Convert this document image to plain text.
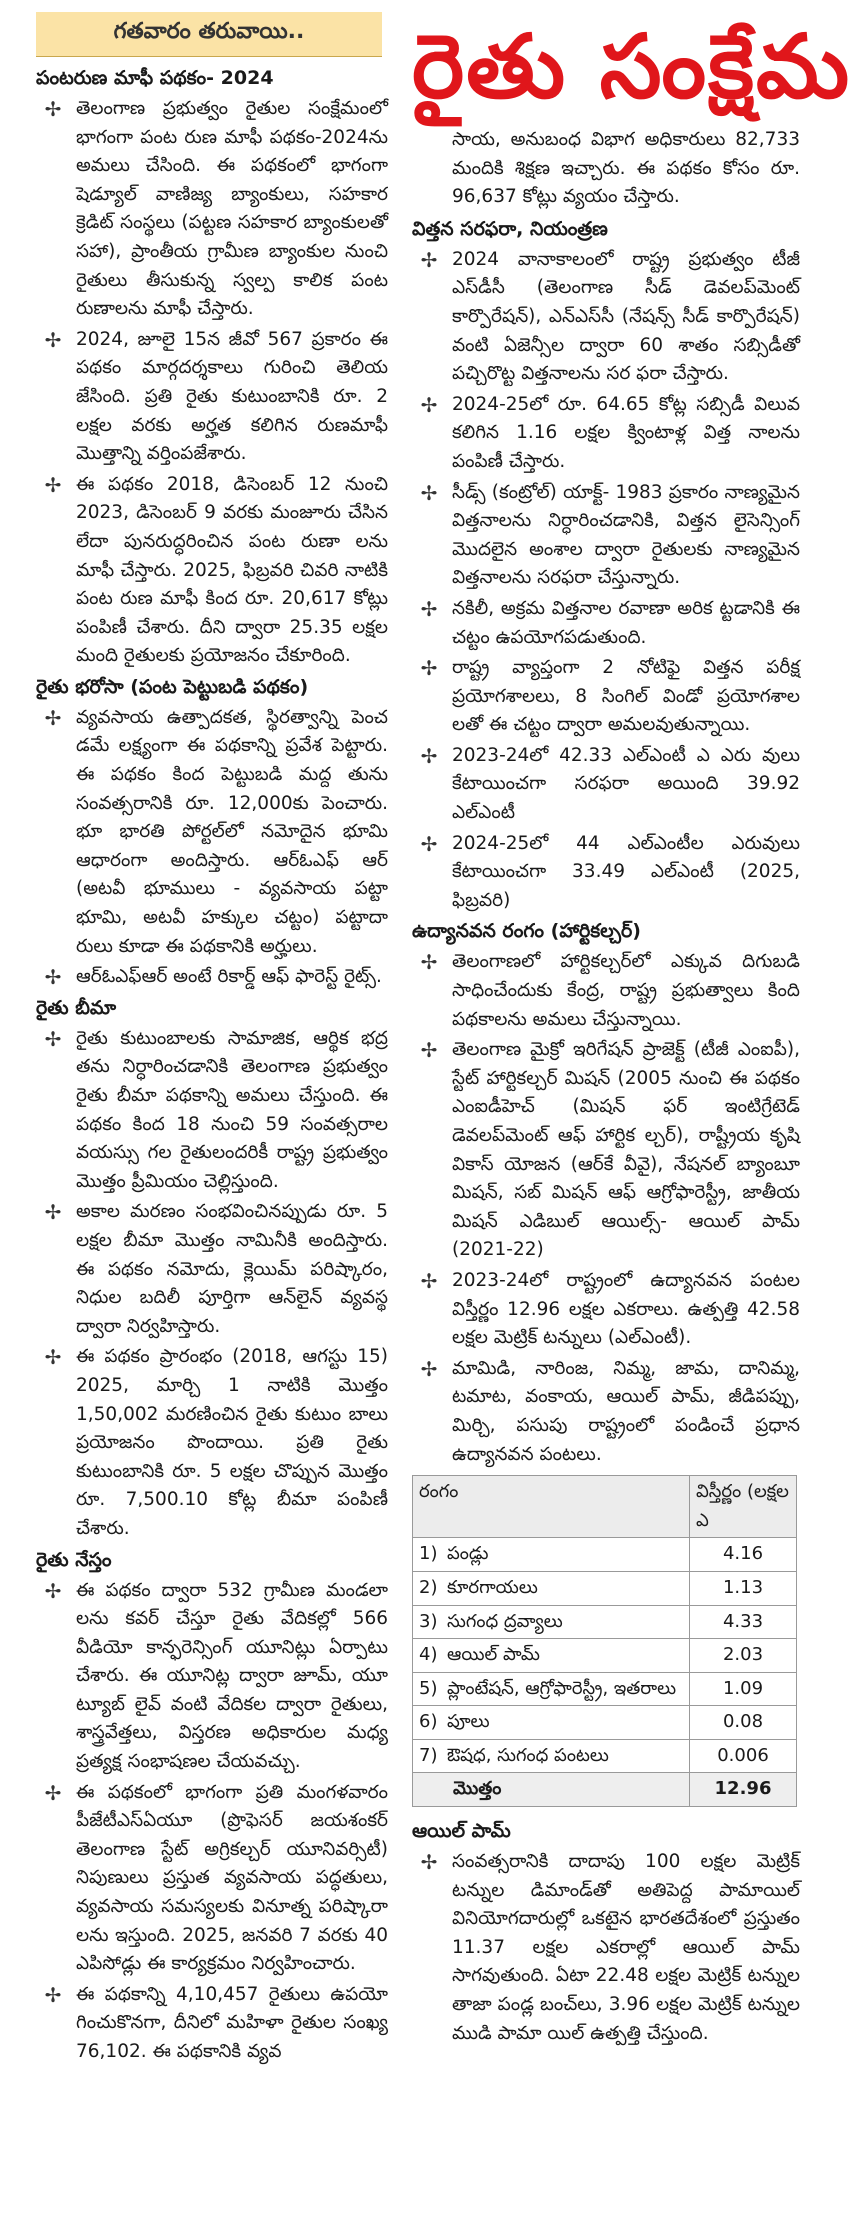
గతవారం తరువాయి..	రైతు సంక్షేమ
పంటరుణ మాఫీ పథకం- 2024
✢ తెలంగాణ ప్రభుత్వం రైతుల సంక్షేమంలో భాగంగా పంట రుణ మాఫీ పథకం-2024ను అమలు చేసింది. ఈ పథకంలో భాగంగా షెడ్యూల్ వాణిజ్య బ్యాంకులు, సహకార క్రెడిట్ సంస్థలు (పట్టణ సహకార బ్యాంకులతో సహా), ప్రాంతీయ గ్రామీణ బ్యాంకుల నుంచి రైతులు తీసుకున్న స్వల్ప కాలిక పంట రుణాలను మాఫీ చేస్తారు.
✢ 2024, జూలై 15న జీవో 567 ప్రకారం ఈ పథకం మార్గదర్శకాలు గురించి తెలియ జేసింది. ప్రతి రైతు కుటుంబానికి రూ. 2 లక్షల వరకు అర్హత కలిగిన రుణమాఫీ మొత్తాన్ని వర్తింపజేశారు.
✢ ఈ పథకం 2018, డిసెంబర్ 12 నుంచి 2023, డిసెంబర్ 9 వరకు మంజూరు చేసిన లేదా పునరుద్ధరించిన పంట రుణా లను మాఫీ చేస్తారు. 2025, ఫిబ్రవరి చివరి నాటికి పంట రుణ మాఫీ కింద రూ. 20,617 కోట్లు పంపిణీ చేశారు. దీని ద్వారా 25.35 లక్షల మంది రైతులకు ప్రయోజనం చేకూరింది.
రైతు భరోసా (పంట పెట్టుబడి పథకం)
✢ వ్యవసాయ ఉత్పాదకత, స్థిరత్వాన్ని పెంచ డమే లక్ష్యంగా ఈ పథకాన్ని ప్రవేశ పెట్టారు. ఈ పథకం కింద పెట్టుబడి మద్ద తును సంవత్సరానికి రూ. 12,000కు పెంచారు. భూ భారతి పోర్టల్‌లో నమోదైన భూమి ఆధారంగా అందిస్తారు. ఆర్ఓఎఫ్ ఆర్ (అటవీ భూములు - వ్యవసాయ పట్టా భూమి, అటవీ హక్కుల చట్టం) పట్టాదా రులు కూడా ఈ పథకానికి అర్హులు.
✢ ఆర్‌ఓఎఫ్‌ఆర్ అంటే రికార్డ్ ఆఫ్ ఫారెస్ట్ రైట్స్.
రైతు బీమా
✢ రైతు కుటుంబాలకు సామాజిక, ఆర్థిక భద్ర తను నిర్ధారించడానికి తెలంగాణ ప్రభుత్వం రైతు బీమా పథకాన్ని అమలు చేస్తుంది. ఈ పథకం కింద 18 నుంచి 59 సంవత్సరాల వయస్సు గల రైతులందరికీ రాష్ట్ర ప్రభుత్వం మొత్తం ప్రీమియం చెల్లిస్తుంది.
✢ అకాల మరణం సంభవించినప్పుడు రూ. 5 లక్షల బీమా మొత్తం నామినీకి అందిస్తారు. ఈ పథకం నమోదు, క్లెయిమ్ పరిష్కారం, నిధుల బదిలీ పూర్తిగా ఆన్‌లైన్ వ్యవస్థ ద్వారా నిర్వహిస్తారు.
✢ ఈ పథకం ప్రారంభం (2018, ఆగస్టు 15) 2025, మార్చి 1 నాటికి మొత్తం 1,50,002 మరణించిన రైతు కుటుం బాలు ప్రయోజనం పొందాయి. ప్రతి రైతు కుటుంబానికి రూ. 5 లక్షల చొప్పున మొత్తం రూ. 7,500.10 కోట్ల బీమా పంపిణీ చేశారు.
రైతు నేస్తం
✢ ఈ పథకం ద్వారా 532 గ్రామీణ మండలా లను కవర్ చేస్తూ రైతు వేదికల్లో 566 వీడియో కాన్ఫరెన్సింగ్ యూనిట్లు ఏర్పాటు చేశారు. ఈ యూనిట్ల ద్వారా జూమ్, యూ ట్యూబ్ లైవ్ వంటి వేదికల ద్వారా రైతులు, శాస్త్రవేత్తలు, విస్తరణ అధికారుల మధ్య ప్రత్యక్ష సంభాషణల చేయవచ్చు.
✢ ఈ పథకంలో భాగంగా ప్రతి మంగళవారం పీజేటీఎస్ఏయూ (ప్రొఫెసర్ జయశంకర్ తెలంగాణ స్టేట్ అగ్రికల్చర్ యూనివర్సిటీ) నిపుణులు ప్రస్తుత వ్యవసాయ పద్ధతులు, వ్యవసాయ సమస్యలకు వినూత్న పరిష్కారా లను ఇస్తుంది. 2025, జనవరి 7 వరకు 40 ఎపిసోడ్లు ఈ కార్యక్రమం నిర్వహించారు.
✢ ఈ పథకాన్ని 4,10,457 రైతులు ఉపయో గించుకొనగా, దీనిలో మహిళా రైతుల సంఖ్య 76,102. ఈ పథకానికి వ్యవ
సాయ, అనుబంధ విభాగ అధికారులు 82,733 మందికి శిక్షణ ఇచ్చారు. ఈ పథకం కోసం రూ. 96,637 కోట్లు వ్యయం చేస్తారు.
విత్తన సరఫరా, నియంత్రణ
✢ 2024 వానాకాలంలో రాష్ట్ర ప్రభుత్వం టీజీ ఎస్‌డీసీ (తెలంగాణ సీడ్ డెవలప్‌మెంట్ కార్పొరేషన్), ఎన్ఎస్‌సీ (నేషన్స్ సీడ్ కార్పొరేషన్) వంటి ఏజెన్సీల ద్వారా 60 శాతం సబ్సిడీతో పచ్చిరొట్ట విత్తనాలను సర ఫరా చేస్తారు.
✢ 2024-25లో రూ. 64.65 కోట్ల సబ్సిడీ విలువ కలిగిన 1.16 లక్షల క్వింటాళ్ల విత్త నాలను పంపిణీ చేస్తారు.
✢ సీడ్స్ (కంట్రోల్) యాక్ట్- 1983 ప్రకారం నాణ్యమైన విత్తనాలను నిర్ధారించడానికి, విత్తన లైసెన్సింగ్ మొదలైన అంశాల ద్వారా రైతులకు నాణ్యమైన విత్తనాలను సరఫరా చేస్తున్నారు.
✢ నకిలీ, అక్రమ విత్తనాల రవాణా అరిక ట్టడానికి ఈ చట్టం ఉపయోగపడుతుంది.
✢ రాష్ట్ర వ్యాప్తంగా 2 నోటిఫై విత్తన పరీక్ష ప్రయోగశాలలు, 8 సింగిల్ విండో ప్రయోగశాల లతో ఈ చట్టం ద్వారా అమలవుతున్నాయి.
✢ 2023-24లో 42.33 ఎల్ఎంటీ ఎ ఎరు వులు కేటాయించగా సరఫరా అయింది 39.92 ఎల్ఎంటీ
✢ 2024-25లో 44 ఎల్ఎంటీల ఎరువులు కేటాయించగా 33.49 ఎల్ఎంటీ (2025, ఫిబ్రవరి)
ఉద్యానవన రంగం (హార్టికల్చర్)
✢ తెలంగాణలో హార్టికల్చర్‌లో ఎక్కువ దిగుబడి సాధించేందుకు కేంద్ర, రాష్ట్ర ప్రభుత్వాలు కింది పథకాలను అమలు చేస్తున్నాయి.
✢ తెలంగాణ మైక్రో ఇరిగేషన్ ప్రాజెక్ట్ (టీజీ ఎంఐపీ), స్టేట్ హార్టికల్చర్ మిషన్ (2005 నుంచి ఈ పథకం ఎంఐడీహెచ్ (మిషన్ ఫర్ ఇంటిగ్రేటెడ్ డెవలప్‌మెంట్ ఆఫ్ హార్టిక ల్చర్), రాష్ట్రీయ కృషి వికాస్ యోజన (ఆర్‌కే వీవై), నేషనల్ బ్యాంబూ మిషన్, సబ్ మిషన్ ఆఫ్ ఆగ్రోఫారెస్ట్రీ, జాతీయ మిషన్ ఎడిబుల్ ఆయిల్స్- ఆయిల్ పామ్ (2021-22)
✢ 2023-24లో రాష్ట్రంలో ఉద్యానవన పంటల విస్తీర్ణం 12.96 లక్షల ఎకరాలు. ఉత్పత్తి 42.58 లక్షల మెట్రిక్ టన్నులు (ఎల్ఎంటీ).
✢ మామిడి, నారింజ, నిమ్మ, జామ, దానిమ్మ, టమాట, వంకాయ, ఆయిల్ పామ్, జీడిపప్పు, మిర్చి, పసుపు రాష్ట్రంలో పండించే ప్రధాన ఉద్యానవన పంటలు.
రంగం	విస్తీర్ణం (లక్షల ఎ

1) పండ్లు	4.16

2) కూరగాయలు	1.13

3) సుగంధ ద్రవ్యాలు	4.33

4) ఆయిల్ పామ్	2.03

5) ప్లాంటేషన్, ఆగ్రోఫారెస్ట్రీ, ఇతరాలు	1.09

6) పూలు	0.08

7) ఔషధ, సుగంధ పంటలు	0.006
మొత్తం	12.96
ఆయిల్ పామ్
✢ సంవత్సరానికి దాదాపు 100 లక్షల మెట్రిక్ టన్నుల డిమాండ్‌తో అతిపెద్ద పామాయిల్ వినియోగదారుల్లో ఒకటైన భారతదేశంలో ప్రస్తుతం 11.37 లక్షల ఎకరాల్లో ఆయిల్ పామ్ సాగవుతుంది. ఏటా 22.48 లక్షల మెట్రిక్ టన్నుల తాజా పండ్ల బంచ్‌లు, 3.96 లక్షల మెట్రిక్ టన్నుల ముడి పామా యిల్ ఉత్పత్తి చేస్తుంది.
